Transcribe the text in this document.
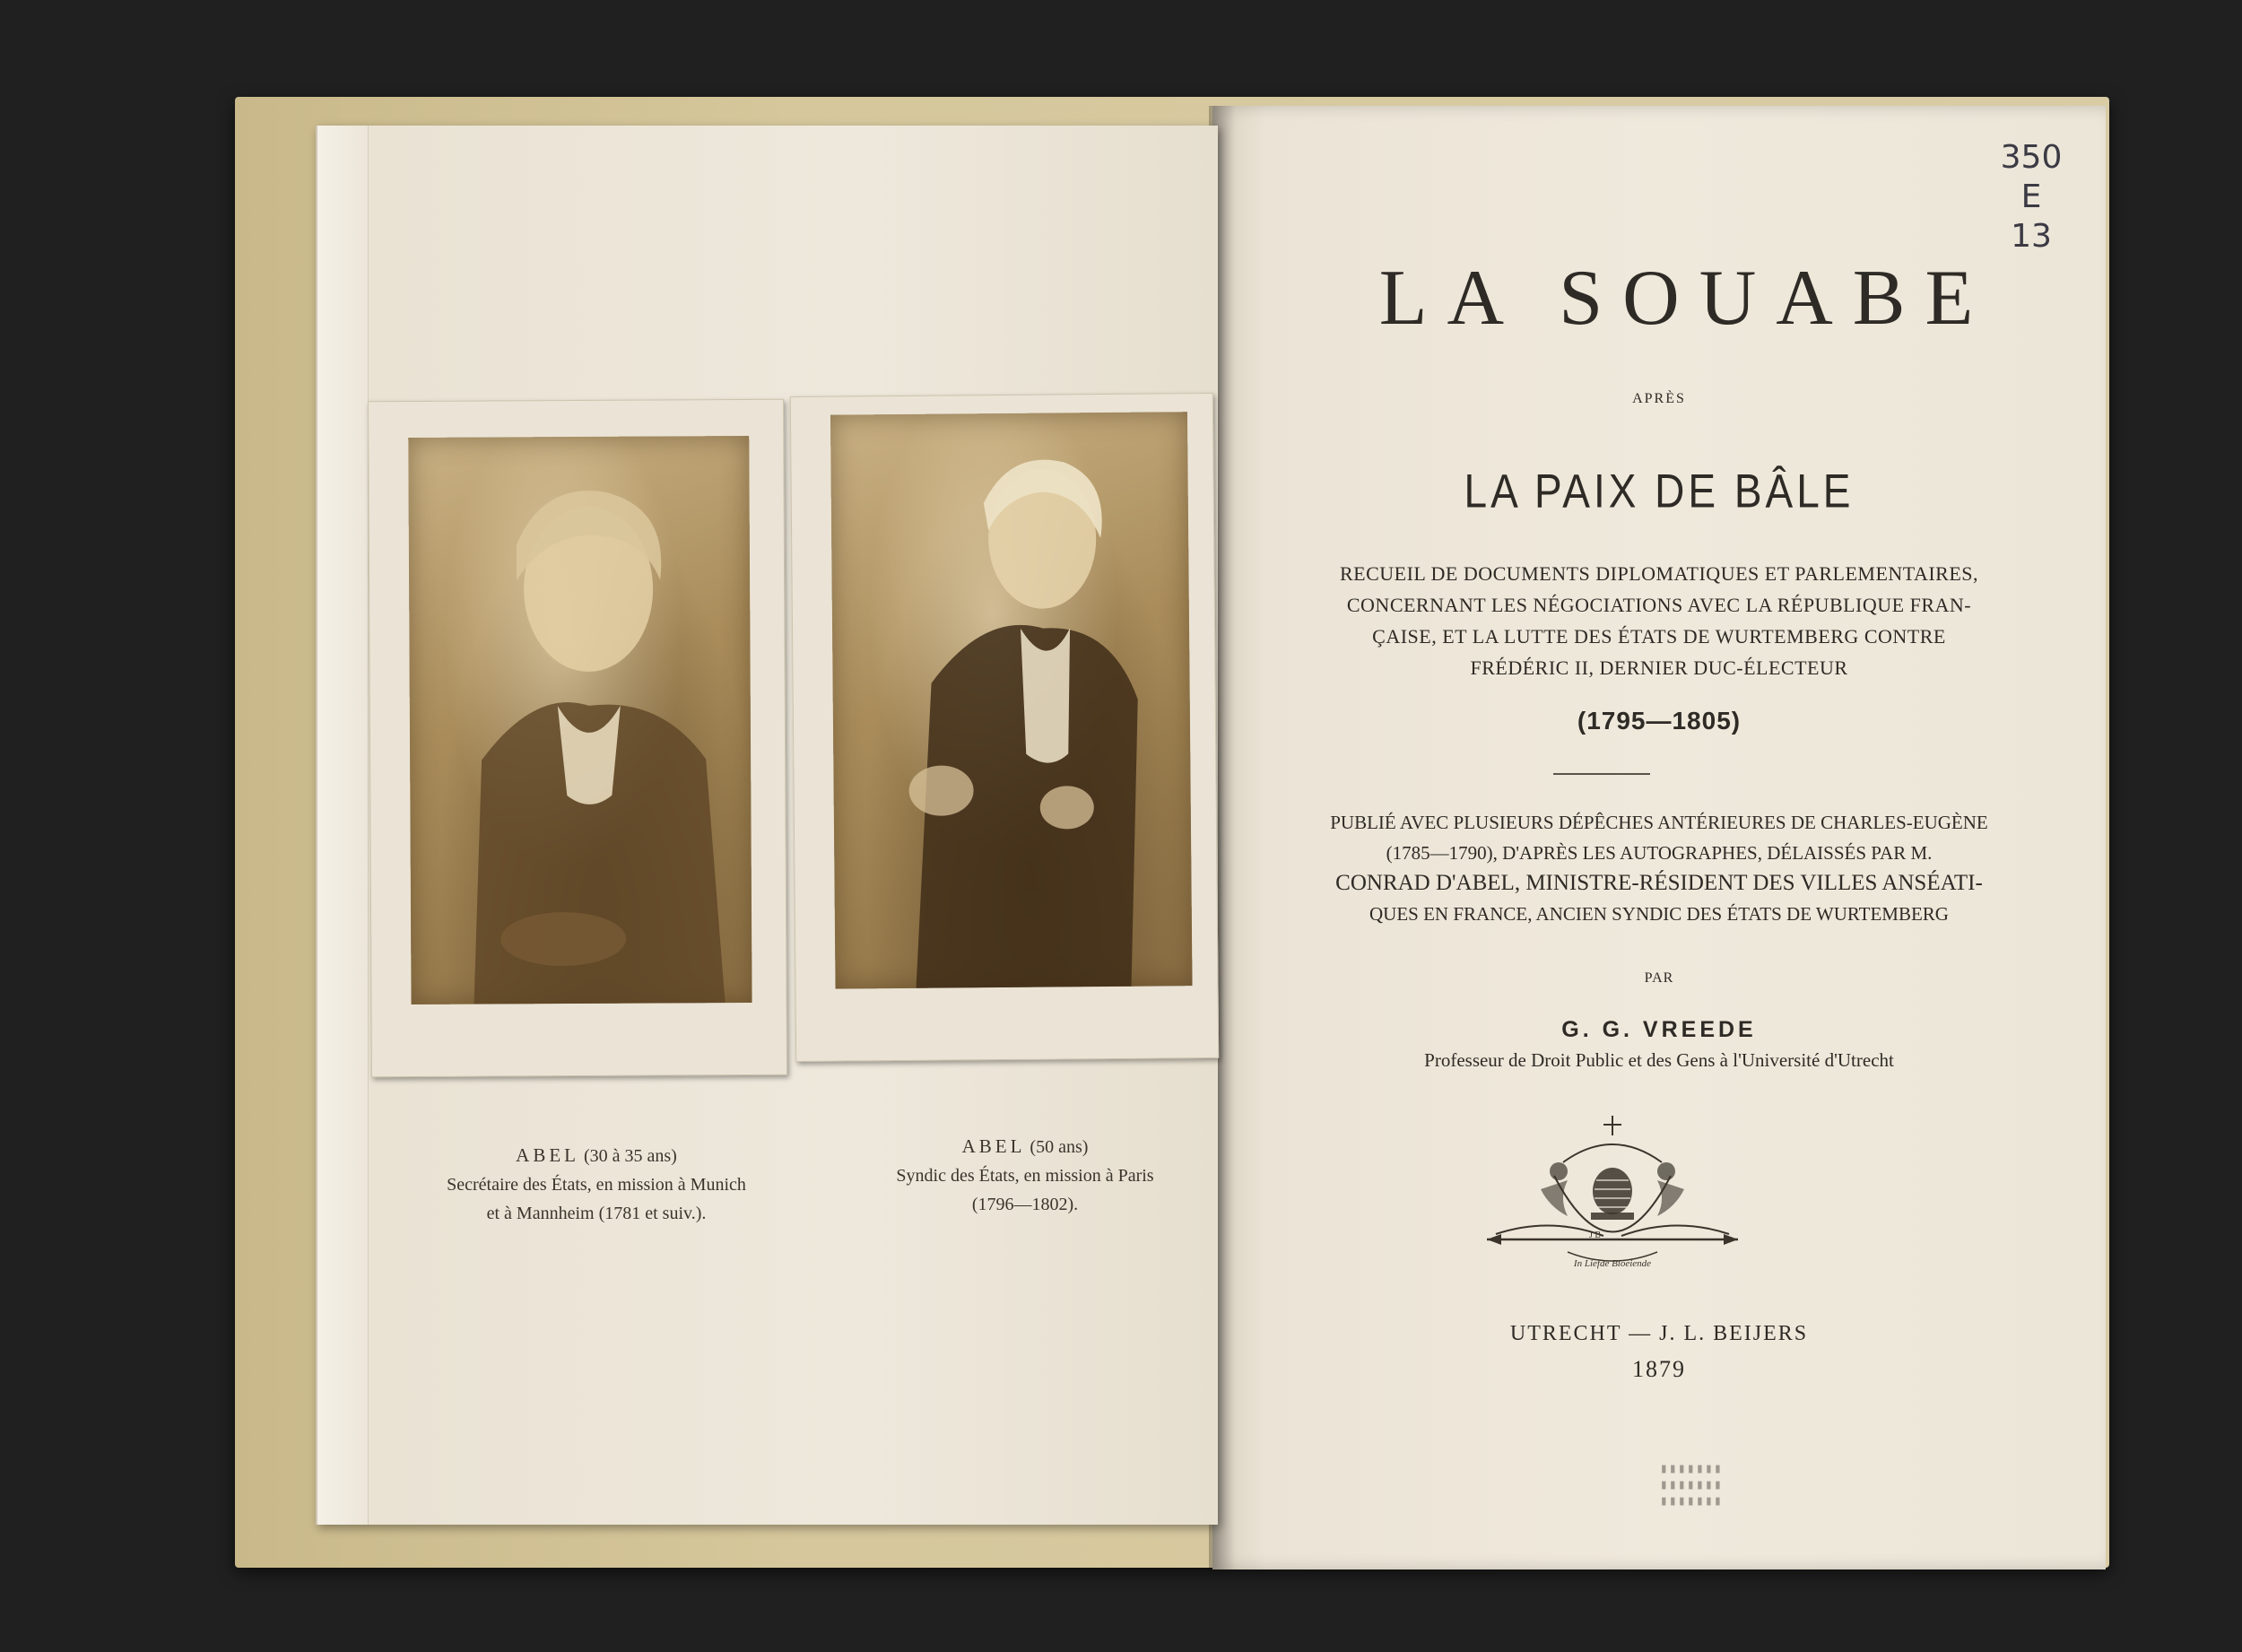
ABEL (30 à 35 ans)
Secrétaire des États, en mission à Munich
et à Mannheim (1781 et suiv.).
ABEL (50 ans)
Syndic des États, en mission à Paris
(1796—1802).
LA SOUABE
APRÈS
LA PAIX DE BÂLE
RECUEIL DE DOCUMENTS DIPLOMATIQUES ET PARLEMENTAIRES,
CONCERNANT LES NÉGOCIATIONS AVEC LA RÉPUBLIQUE FRAN-
ÇAISE, ET LA LUTTE DES ÉTATS DE WURTEMBERG CONTRE
FRÉDÉRIC II, DERNIER DUC-ÉLECTEUR
(1795—1805)
PUBLIÉ AVEC PLUSIEURS DÉPÊCHES ANTÉRIEURES DE CHARLES-EUGÈNE
(1785—1790), D'APRÈS LES AUTOGRAPHES, DÉLAISSÉS PAR M.
CONRAD D'ABEL, MINISTRE-RÉSIDENT DES VILLES ANSÉATI-
QUES EN FRANCE, ANCIEN SYNDIC DES ÉTATS DE WURTEMBERG
PAR
G. G. VREEDE
Professeur de Droit Public et des Gens à l'Université d'Utrecht
J B
In Liefde Bloeiende
UTRECHT — J. L. BEIJERS
1879
350
E
13
▮▮▮▮▮▮▮
▮▮▮▮▮▮▮
▮▮▮▮▮▮▮
